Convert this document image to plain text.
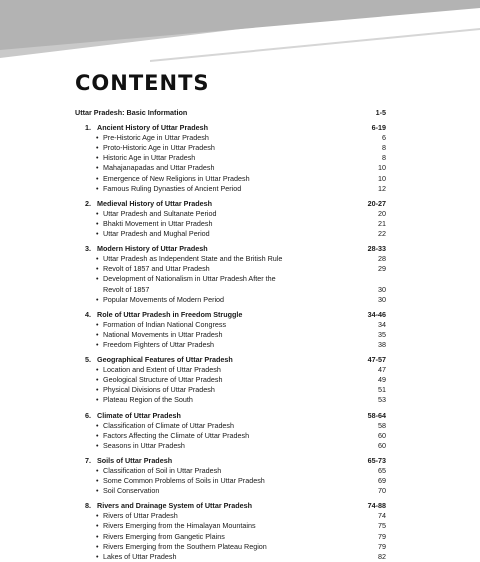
CONTENTS
Uttar Pradesh: Basic Information	1-5
1. Ancient History of Uttar Pradesh	6-19
• Pre-Historic Age in Uttar Pradesh	6
• Proto-Historic Age in Uttar Pradesh	8
• Historic Age in Uttar Pradesh	8
• Mahajanapadas and Uttar Pradesh	10
• Emergence of New Religions in Uttar Pradesh	10
• Famous Ruling Dynasties of Ancient Period	12
2. Medieval History of Uttar Pradesh	20-27
• Uttar Pradesh and Sultanate Period	20
• Bhakti Movement in Uttar Pradesh	21
• Uttar Pradesh and Mughal Period	22
3. Modern History of Uttar Pradesh	28-33
• Uttar Pradesh as Independent State and the British Rule	28
• Revolt of 1857 and Uttar Pradesh	29
• Development of Nationalism in Uttar Pradesh After the Revolt of 1857	30
• Popular Movements of Modern Period	30
4. Role of Uttar Pradesh in Freedom Struggle	34-46
• Formation of Indian National Congress	34
• National Movements in Uttar Pradesh	35
• Freedom Fighters of Uttar Pradesh	38
5. Geographical Features of Uttar Pradesh	47-57
• Location and Extent of Uttar Pradesh	47
• Geological Structure of Uttar Pradesh	49
• Physical Divisions of Uttar Pradesh	51
• Plateau Region of the South	53
6. Climate of Uttar Pradesh	58-64
• Classification of Climate of Uttar Pradesh	58
• Factors Affecting the Climate of Uttar Pradesh	60
• Seasons in Uttar Pradesh	60
7. Soils of Uttar Pradesh	65-73
• Classification of Soil in Uttar Pradesh	65
• Some Common Problems of Soils in Uttar Pradesh	69
• Soil Conservation	70
8. Rivers and Drainage System of Uttar Pradesh	74-88
• Rivers of Uttar Pradesh	74
• Rivers Emerging from the Himalayan Mountains	75
• Rivers Emerging from Gangetic Plains	79
• Rivers Emerging from the Southern Plateau Region	79
• Lakes of Uttar Pradesh	82
